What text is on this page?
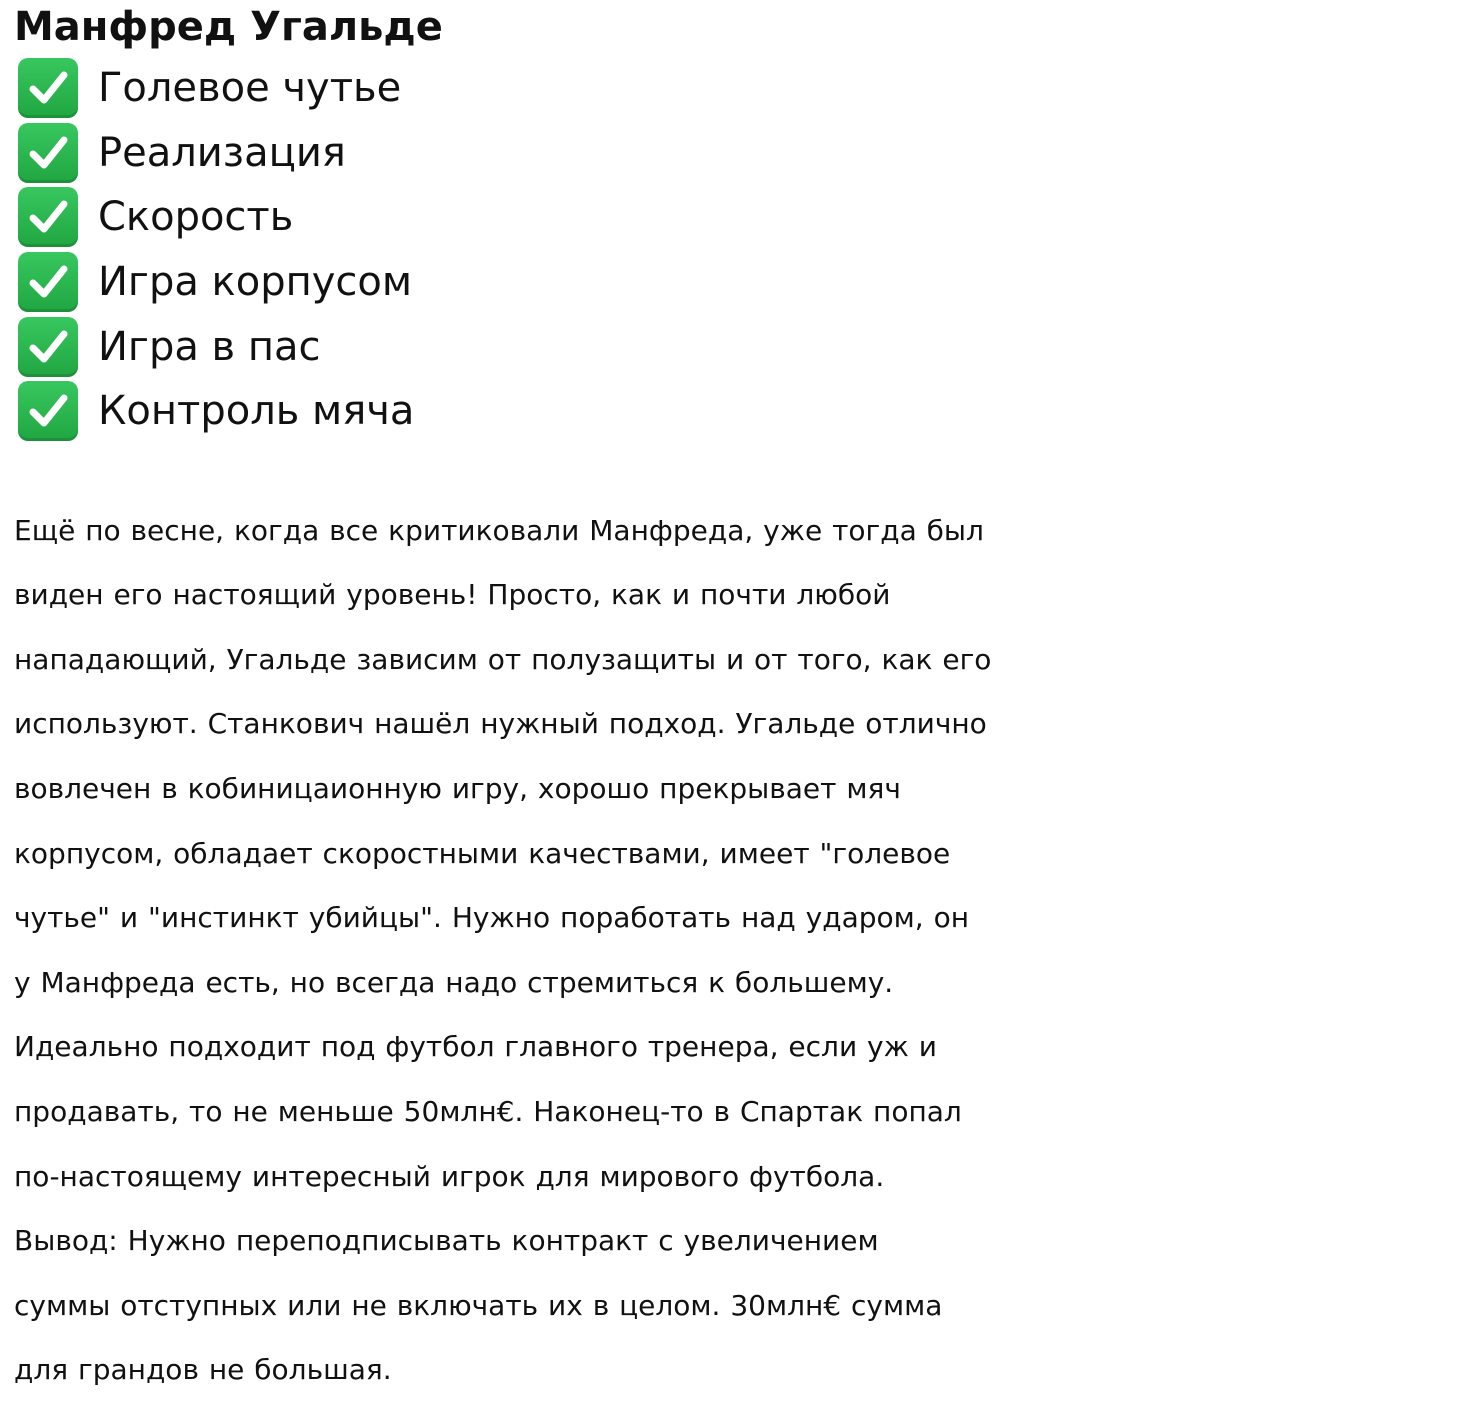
Манфред Угальде
Голевое чутье
Реализация
Скорость
Игра корпусом
Игра в пас
Контроль мяча
Ещё по весне, когда все критиковали Манфреда, уже тогда был
виден его настоящий уровень! Просто, как и почти любой
нападающий, Угальде зависим от полузащиты и от того, как его
используют. Станкович нашёл нужный подход. Угальде отлично
вовлечен в кобиницаионную игру, хорошо прекрывает мяч
корпусом, обладает скоростными качествами, имеет "голевое
чутье" и "инстинкт убийцы". Нужно поработать над ударом, он
у Манфреда есть, но всегда надо стремиться к большему.
Идеально подходит под футбол главного тренера, если уж и
продавать, то не меньше 50млн€. Наконец-то в Спартак попал
по-настоящему интересный игрок для мирового футбола.
Вывод: Нужно переподписывать контракт с увеличением
суммы отступных или не включать их в целом. 30млн€ сумма
для грандов не большая.
